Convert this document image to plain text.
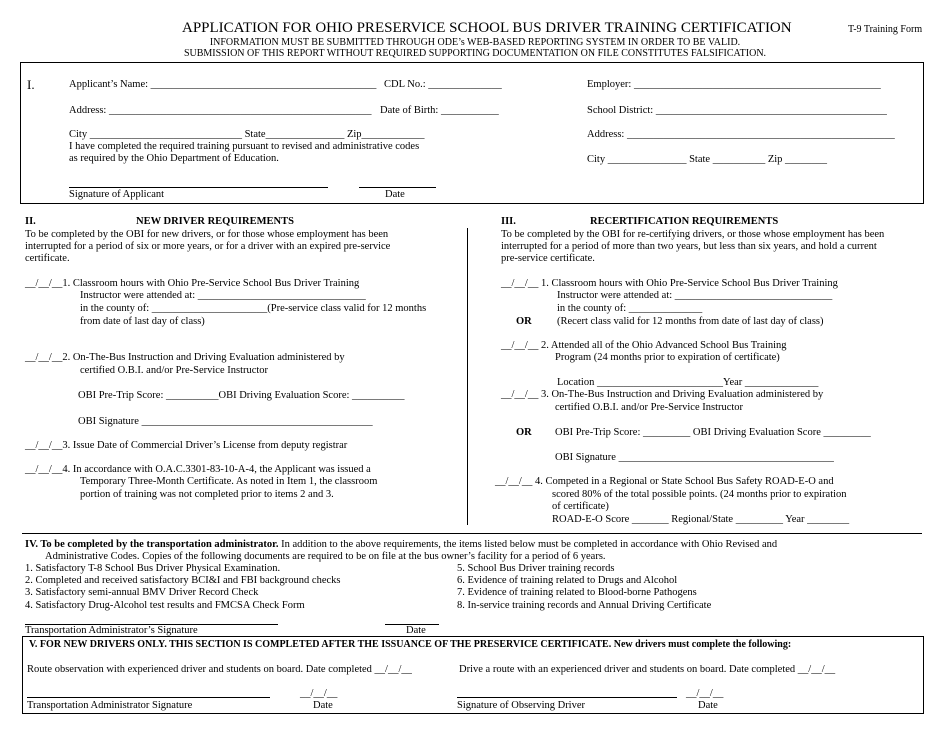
APPLICATION FOR OHIO PRESERVICE SCHOOL BUS DRIVER TRAINING CERTIFICATION	T-9 Training Form
INFORMATION MUST BE SUBMITTED THROUGH ODE’s WEB-BASED REPORTING SYSTEM IN ORDER TO BE VALID.
SUBMISSION OF THIS REPORT WITHOUT REQUIRED SUPPORTING DOCUMENTATION ON FILE CONSTITUTES FALSIFICATION.
I.	Applicant’s Name: ___________________________________________ CDL No.: ______________
Address: __________________________________________________ Date of Birth: ___________
City _____________________________ State_______________ Zip____________
I have completed the required training pursuant to revised and administrative codes
as required by the Ohio Department of Education.
Employer: _______________________________________________
School District: ____________________________________________
Address: ___________________________________________________
City _______________ State __________ Zip ________
Signature of Applicant	Date
II.	NEW DRIVER REQUIREMENTS
To be completed by the OBI for new drivers, or for those whose employment has been
interrupted for a period of six or more years, or for a driver with an expired pre-service
certificate.
__/__/__1. Classroom hours with Ohio Pre-Service School Bus Driver Training
Instructor were attended at: ________________________________
in the county of: ______________________(Pre-service class valid for 12 months
from date of last day of class)
__/__/__2. On-The-Bus Instruction and Driving Evaluation administered by
certified O.B.I. and/or Pre-Service Instructor
OBI Pre-Trip Score: __________OBI Driving Evaluation Score: __________
OBI Signature ____________________________________________
__/__/__3. Issue Date of Commercial Driver’s License from deputy registrar
__/__/__4. In accordance with O.A.C.3301-83-10-A-4, the Applicant was issued a
Temporary Three-Month Certificate. As noted in Item 1, the classroom
portion of training was not completed prior to items 2 and 3.
III.	RECERTIFICATION REQUIREMENTS
To be completed by the OBI for re-certifying drivers, or those whose employment has been
interrupted for a period of more than two years, but less than six years, and hold a current
pre-service certificate.
__/__/__ 1. Classroom hours with Ohio Pre-Service School Bus Driver Training
Instructor were attended at: ______________________________
in the county of: ______________
OR (Recert class valid for 12 months from date of last day of class)
__/__/__ 2. Attended all of the Ohio Advanced School Bus Training
Program (24 months prior to expiration of certificate)
Location ________________________Year ______________
__/__/__ 3. On-The-Bus Instruction and Driving Evaluation administered by
certified O.B.I. and/or Pre-Service Instructor
OR OBI Pre-Trip Score: _________ OBI Driving Evaluation Score _________
OBI Signature _________________________________________
__/__/__ 4. Competed in a Regional or State School Bus Safety ROAD-E-O and
scored 80% of the total possible points. (24 months prior to expiration
of certificate)
ROAD-E-O Score _______ Regional/State _________ Year ________
IV. To be completed by the transportation administrator. In addition to the above requirements, the items listed below must be completed in accordance with Ohio Revised and
Administrative Codes. Copies of the following documents are required to be on file at the bus owner’s facility for a period of 6 years.
1. Satisfactory T-8 School Bus Driver Physical Examination.
2. Completed and received satisfactory BCI&I and FBI background checks
3. Satisfactory semi-annual BMV Driver Record Check
4. Satisfactory Drug-Alcohol test results and FMCSA Check Form
5. School Bus Driver training records
6. Evidence of training related to Drugs and Alcohol
7. Evidence of training related to Blood-borne Pathogens
8. In-service training records and Annual Driving Certificate
Transportation Administrator’s Signature	Date
V. FOR NEW DRIVERS ONLY. THIS SECTION IS COMPLETED AFTER THE ISSUANCE OF THE PRESERVICE CERTIFICATE. New drivers must complete the following:
Route observation with experienced driver and students on board. Date completed __/__/__	Drive a route with an experienced driver and students on board. Date completed __/__/__
__/__/__	__/__/__
Transportation Administrator Signature	Date	Signature of Observing Driver	Date
